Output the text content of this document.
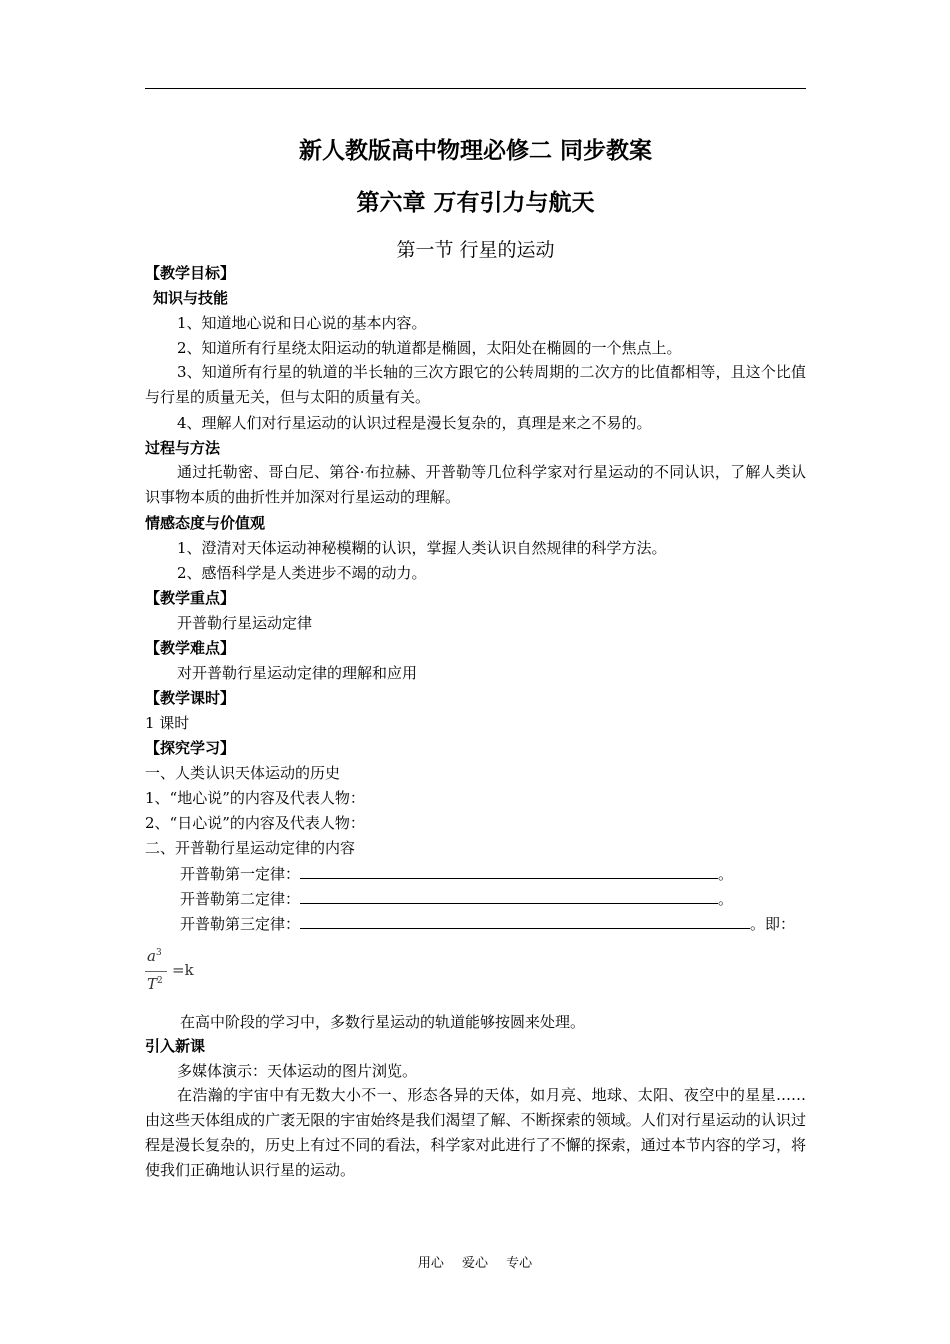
新人教版高中物理必修二 同步教案
第六章 万有引力与航天
第一节 行星的运动
【教学目标】
知识与技能
1、知道地心说和日心说的基本内容。
2、知道所有行星绕太阳运动的轨道都是椭圆，太阳处在椭圆的一个焦点上。
3、知道所有行星的轨道的半长轴的三次方跟它的公转周期的二次方的比值都相等，且这个比值与行星的质量无关，但与太阳的质量有关。
4、理解人们对行星运动的认识过程是漫长复杂的，真理是来之不易的。
过程与方法
通过托勒密、哥白尼、第谷·布拉赫、开普勒等几位科学家对行星运动的不同认识，了解人类认识事物本质的曲折性并加深对行星运动的理解。
情感态度与价值观
1、澄清对天体运动神秘模糊的认识，掌握人类认识自然规律的科学方法。
2、感悟科学是人类进步不竭的动力。
【教学重点】
开普勒行星运动定律
【教学难点】
对开普勒行星运动定律的理解和应用
【教学课时】
1 课时
【探究学习】
一、人类认识天体运动的历史
1、“地心说”的内容及代表人物：
2、“日心说”的内容及代表人物：
二、开普勒行星运动定律的内容
开普勒第一定律：	。
开普勒第二定律：	。
开普勒第三定律：	。即：
$a^3$
$T^2$
=k
在高中阶段的学习中，多数行星运动的轨道能够按圆来处理。
引入新课
多媒体演示：天体运动的图片浏览。
在浩瀚的宇宙中有无数大小不一、形态各异的天体，如月亮、地球、太阳、夜空中的星星……由这些天体组成的广袤无限的宇宙始终是我们渴望了解、不断探索的领域。人们对行星运动的认识过程是漫长复杂的，历史上有过不同的看法，科学家对此进行了不懈的探索，通过本节内容的学习，将使我们正确地认识行星的运动。
用心 爱心 专心
